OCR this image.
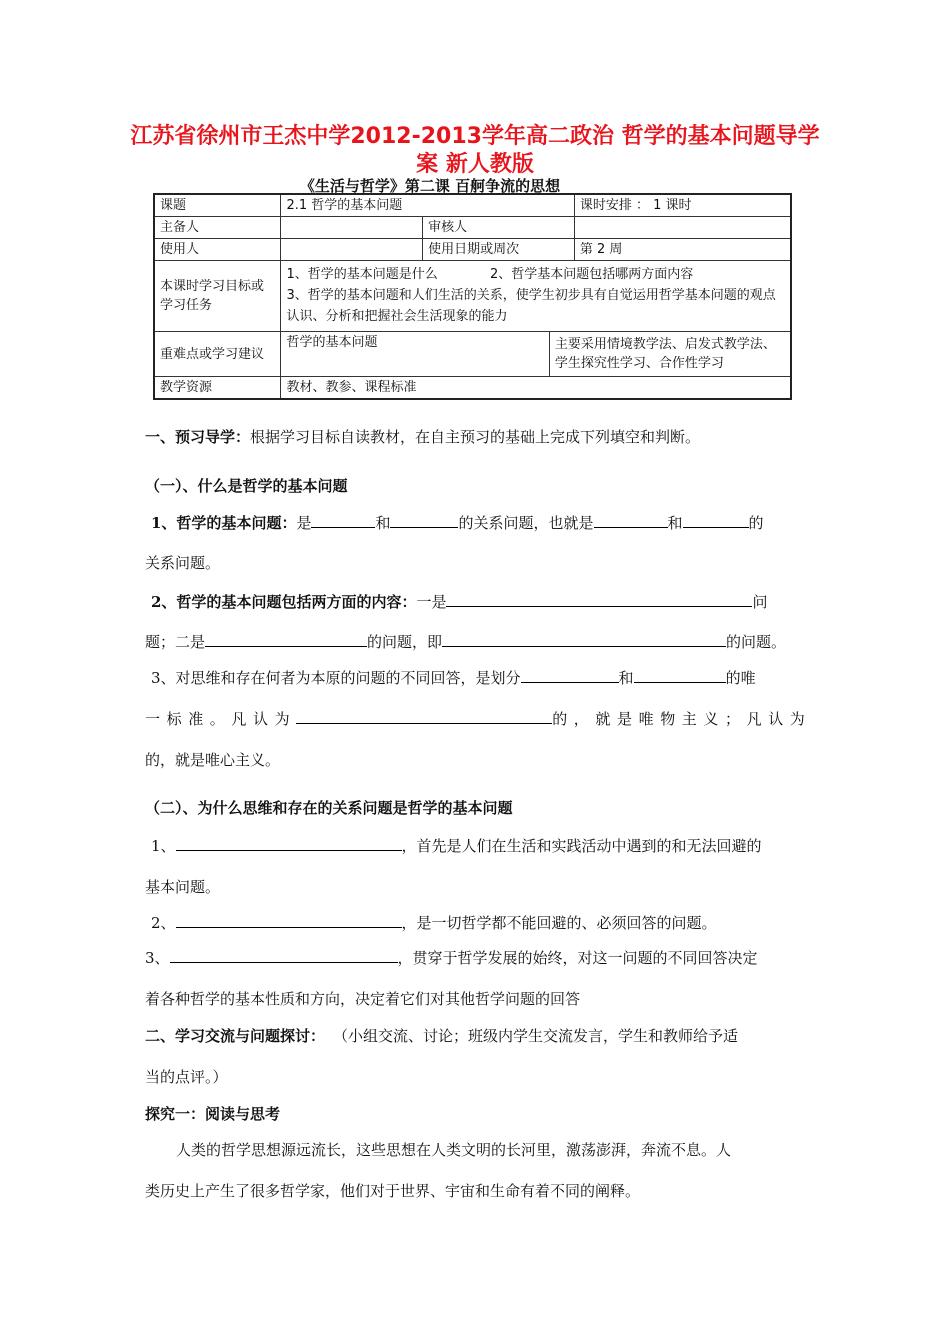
江苏省徐州市王杰中学2012-2013学年高二政治 哲学的基本问题导学案 新人教版
《生活与哲学》第二课 百舸争流的思想
课题	2.1 哲学的基本问题			课时安排 ： 1 课时
主备人		审核人		
使用人		使用日期或周次		第 2 周
本课时学习目标或学习任务	1、哲学的基本问题是什么 2、哲学基本问题包括哪两方面内容
3、哲学的基本问题和人们生活的关系，使学生初步具有自觉运用哲学基本问题的观点认识、分析和把握社会生活现象的能力			

重难点或学习建议	哲学的基本问题		主要采用情境教学法、启发式教学法、学生探究性学习、合作性学习	
教学资源	教材、教参、课程标准			
一、预习导学：根据学习目标自读教材，在自主预习的基础上完成下列填空和判断。
（一）、什么是哲学的基本问题
1、哲学的基本问题：是	和	的关系问题，也就是	和	的
关系问题。
2、哲学的基本问题包括两方面的内容：一是	问
题；二是	的问题，即	的问题。
3、对思维和存在何者为本原的问题的不同回答，是划分	和	的唯
一标准。凡认为	的，就是唯物主义；凡认为
的，就是唯心主义。
（二）、为什么思维和存在的关系问题是哲学的基本问题
1、	，首先是人们在生活和实践活动中遇到的和无法回避的
基本问题。
2、	，是一切哲学都不能回避的、必须回答的问题。
3、	，贯穿于哲学发展的始终，对这一问题的不同回答决定
着各种哲学的基本性质和方向，决定着它们对其他哲学问题的回答
二、学习交流与问题探讨： （小组交流、讨论；班级内学生交流发言，学生和教师给予适
当的点评。）
探究一：阅读与思考
人类的哲学思想源远流长，这些思想在人类文明的长河里，激荡澎湃，奔流不息。人
类历史上产生了很多哲学家，他们对于世界、宇宙和生命有着不同的阐释。
